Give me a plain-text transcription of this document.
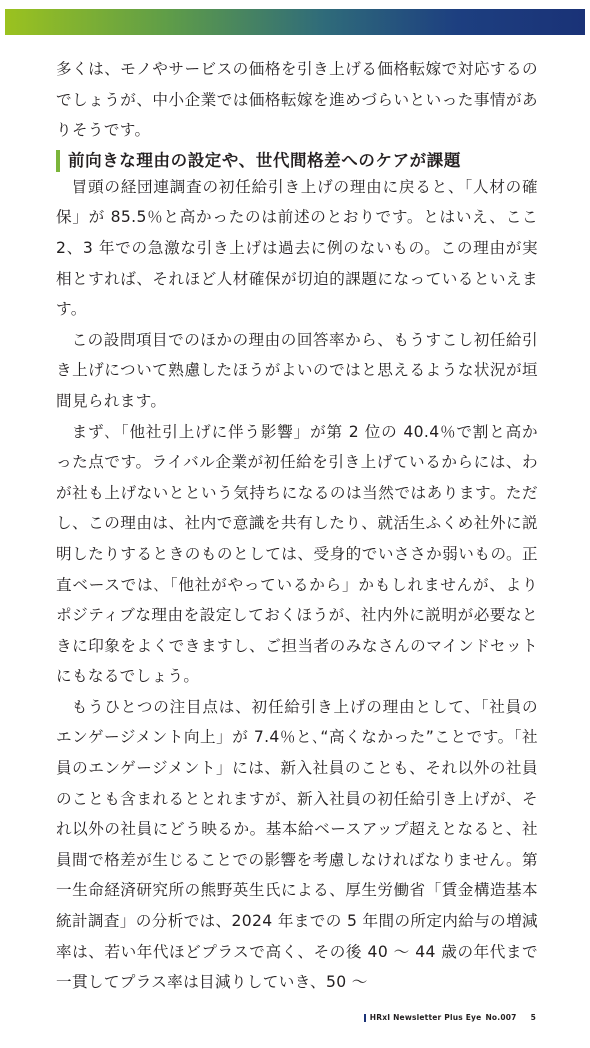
多くは、モノやサービスの価格を引き上げる価格転嫁で対応するのでしょうが、中小企業では価格転嫁を進めづらいといった事情がありそうです。

前向きな理由の設定や、世代間格差へのケアが課題

冒頭の経団連調査の初任給引き上げの理由に戻ると、「人材の確保」が 85.5％と高かったのは前述のとおりです。とはいえ、ここ 2、3 年での急激な引き上げは過去に例のないもの。この理由が実相とすれば、それほど人材確保が切迫的課題になっているといえます。

この設問項目でのほかの理由の回答率から、もうすこし初任給引き上げについて熟慮したほうがよいのではと思えるような状況が垣間見られます。

まず､「他社引上げに伴う影響」が第 2 位の 40.4％で割と高かった点です。ライバル企業が初任給を引き上げているからには、わが社も上げないとという気持ちになるのは当然ではあります。ただし、この理由は、社内で意識を共有したり、就活生ふくめ社外に説明したりするときのものとしては、受身的でいささか弱いもの。正直ベースでは､「他社がやっているから」かもしれませんが、よりポジティブな理由を設定しておくほうが、社内外に説明が必要なときに印象をよくできますし、ご担当者のみなさんのマインドセットにもなるでしょう。

もうひとつの注目点は、初任給引き上げの理由として、「社員のエンゲージメント向上」が 7.4％と､“高くなかった”ことです。「社員のエンゲージメント」には、新入社員のことも、それ以外の社員のことも含まれるととれますが、新入社員の初任給引き上げが、それ以外の社員にどう映るか。基本給ベースアップ超えとなると、社員間で格差が生じることでの影響を考慮しなければなりません。第一生命経済研究所の熊野英生氏による、厚生労働省「賃金構造基本統計調査」の分析では、2024 年までの 5 年間の所定内給与の増減率は、若い年代ほどプラスで高く、その後 40 〜 44 歳の年代まで一貫してプラス率は目減りしていき、50 〜

HRxI Newsletter Plus Eye No.007 5
